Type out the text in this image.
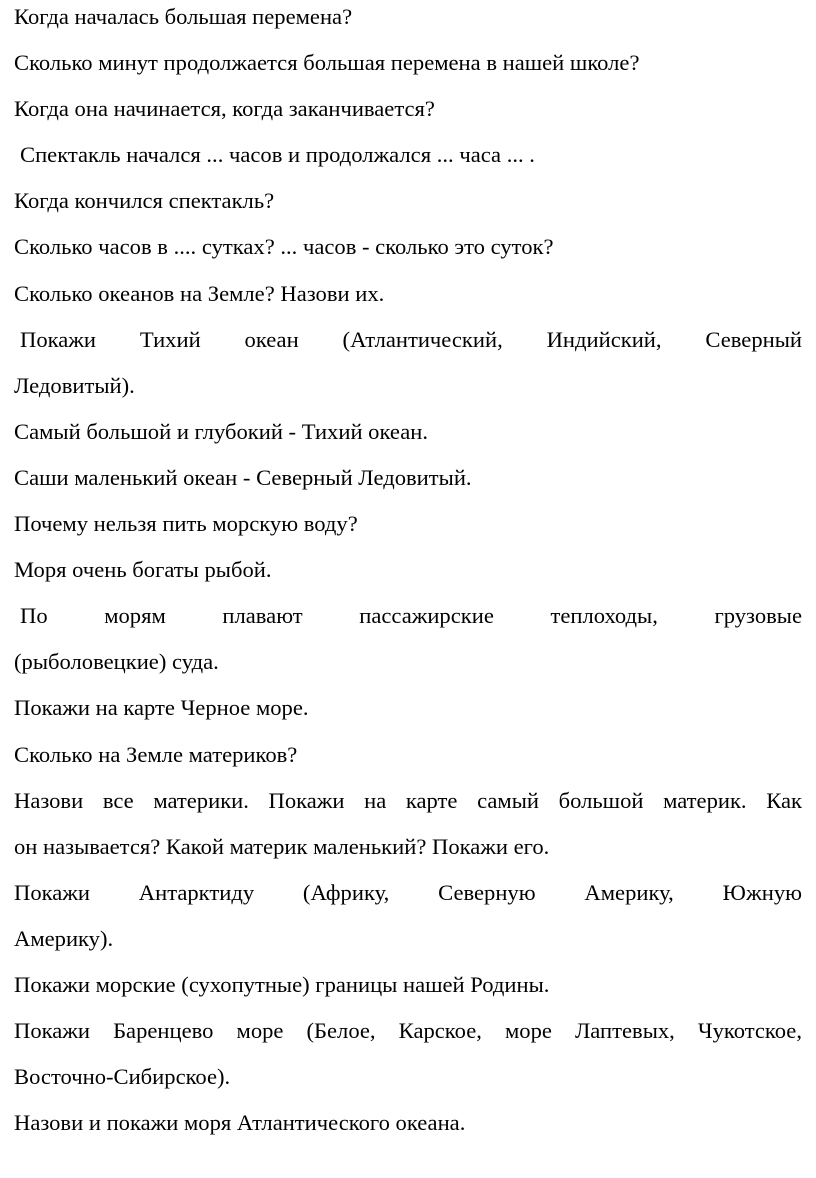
Когда началась большая перемена?

Сколько минут продолжается большая перемена в нашей школе?

Когда она начинается, когда заканчивается?

Спектакль начался ... часов и продолжался ... часа ... .

Когда кончился спектакль?

Сколько часов в .... сутках? ... часов - сколько это суток?

Сколько океанов на Земле? Назови их.

Покажи Тихий океан (Атлантический, Индийский, Северный

Ледовитый).

Самый большой и глубокий - Тихий океан.

Саши маленький океан - Северный Ледовитый.

Почему нельзя пить морскую воду?

Моря очень богаты рыбой.

По морям плавают пассажирские теплоходы, грузовые

(рыболовецкие) суда.

Покажи на карте Черное море.

Сколько на Земле материков?

Назови все материки. Покажи на карте самый большой материк. Как

он называется? Какой материк маленький? Покажи его.

Покажи Антарктиду (Африку, Северную Америку, Южную

Америку).

Покажи морские (сухопутные) границы нашей Родины.

Покажи Баренцево море (Белое, Карское, море Лаптевых, Чукотское,

Восточно-Сибирское).

Назови и покажи моря Атлантического океана.
